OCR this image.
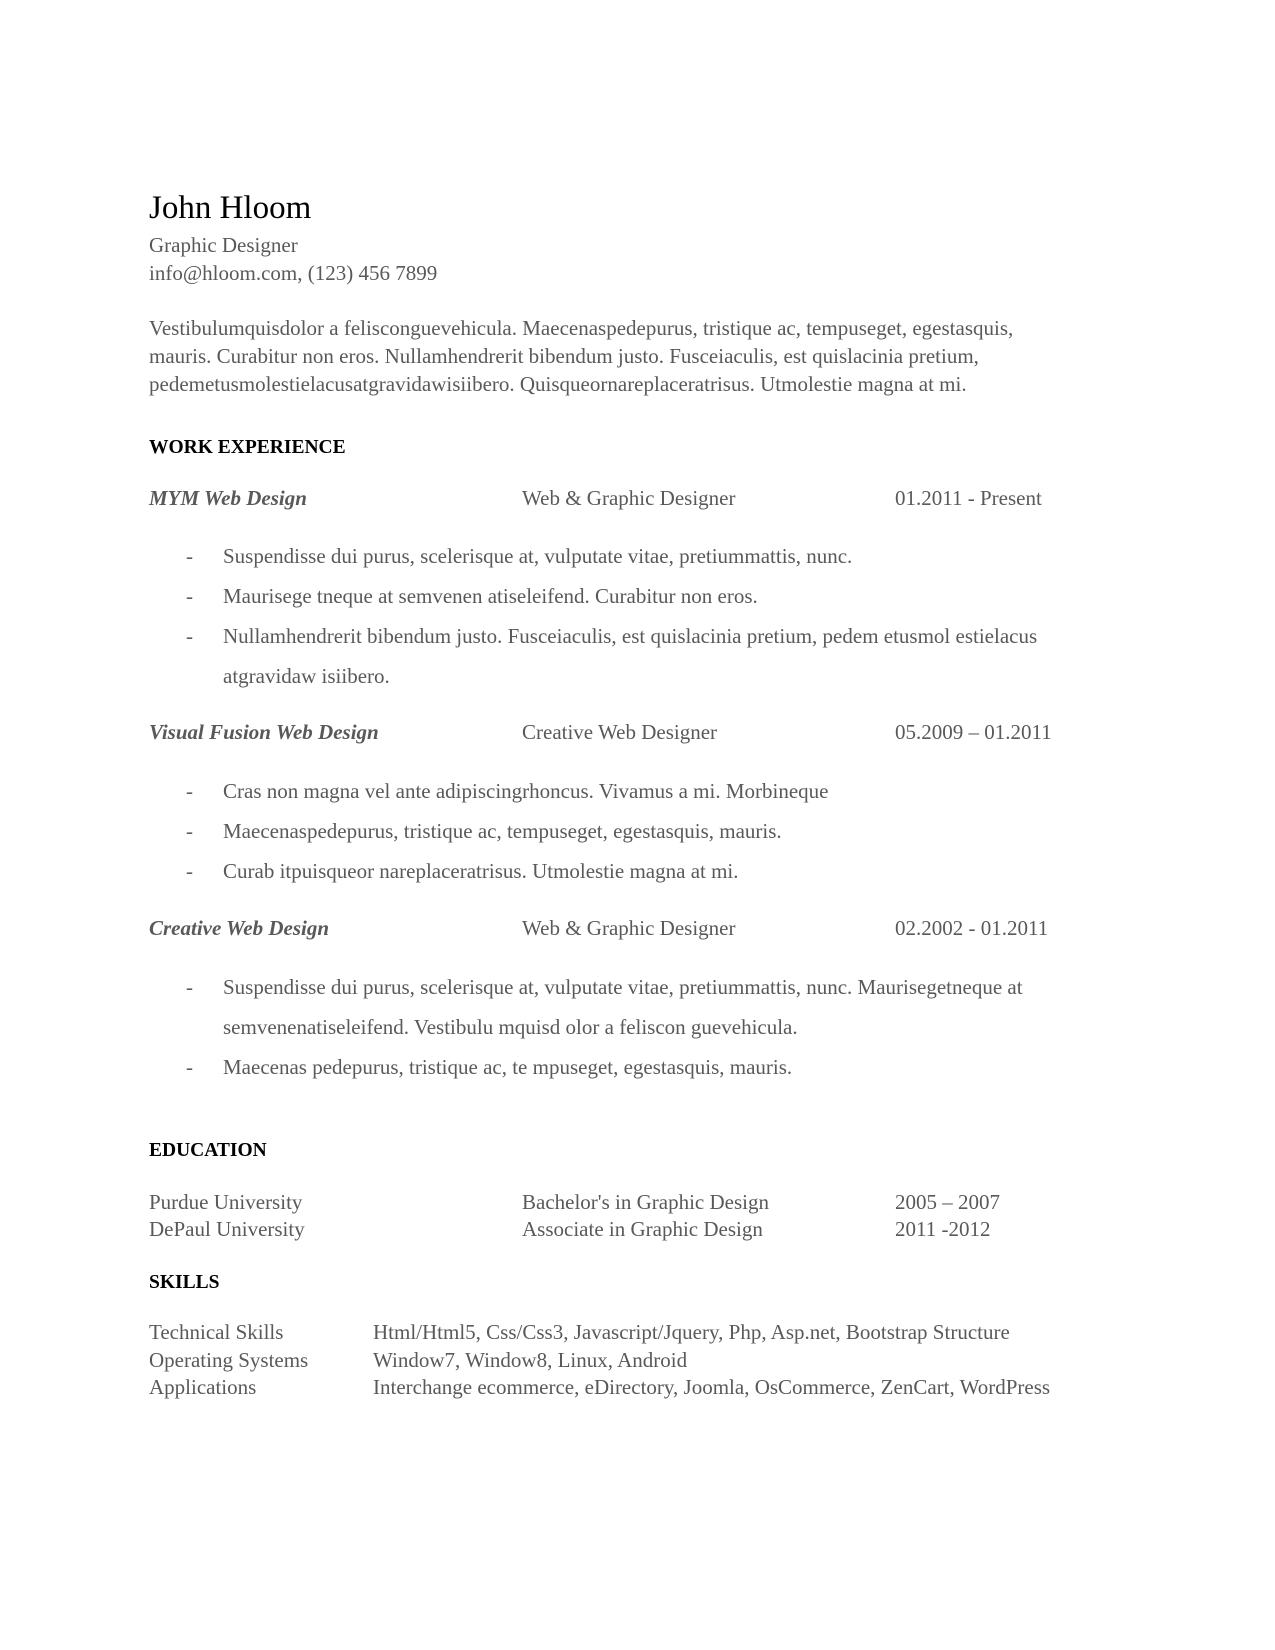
John Hloom
Graphic Designer
info@hloom.com, (123) 456 7899
Vestibulumquisdolor a felisconguevehicula. Maecenaspedepurus, tristique ac, tempuseget, egestasquis,
mauris. Curabitur non eros. Nullamhendrerit bibendum justo. Fusceiaculis, est quislacinia pretium,
pedemetusmolestielacusatgravidawisiibero. Quisqueornareplaceratrisus. Utmolestie magna at mi.
WORK EXPERIENCE
MYM Web Design	Web & Graphic Designer	01.2011 - Present
- Suspendisse dui purus, scelerisque at, vulputate vitae, pretiummattis, nunc.
- Maurisege tneque at semvenen atiseleifend. Curabitur non eros.
- Nullamhendrerit bibendum justo. Fusceiaculis, est quislacinia pretium, pedem etusmol estielacus
atgravidaw isiibero.
Visual Fusion Web Design	Creative Web Designer	05.2009 – 01.2011
- Cras non magna vel ante adipiscingrhoncus. Vivamus a mi. Morbineque
- Maecenaspedepurus, tristique ac, tempuseget, egestasquis, mauris.
- Curab itpuisqueor nareplaceratrisus. Utmolestie magna at mi.
Creative Web Design	Web & Graphic Designer	02.2002 - 01.2011
- Suspendisse dui purus, scelerisque at, vulputate vitae, pretiummattis, nunc. Maurisegetneque at
semvenenatiseleifend. Vestibulu mquisd olor a feliscon guevehicula.
- Maecenas pedepurus, tristique ac, te mpuseget, egestasquis, mauris.
EDUCATION
Purdue University	Bachelor's in Graphic Design	2005 – 2007
DePaul University	Associate in Graphic Design	2011 -2012
SKILLS
Technical Skills	Html/Html5, Css/Css3, Javascript/Jquery, Php, Asp.net, Bootstrap Structure
Operating Systems	Window7, Window8, Linux, Android
Applications	Interchange ecommerce, eDirectory, Joomla, OsCommerce, ZenCart, WordPress
